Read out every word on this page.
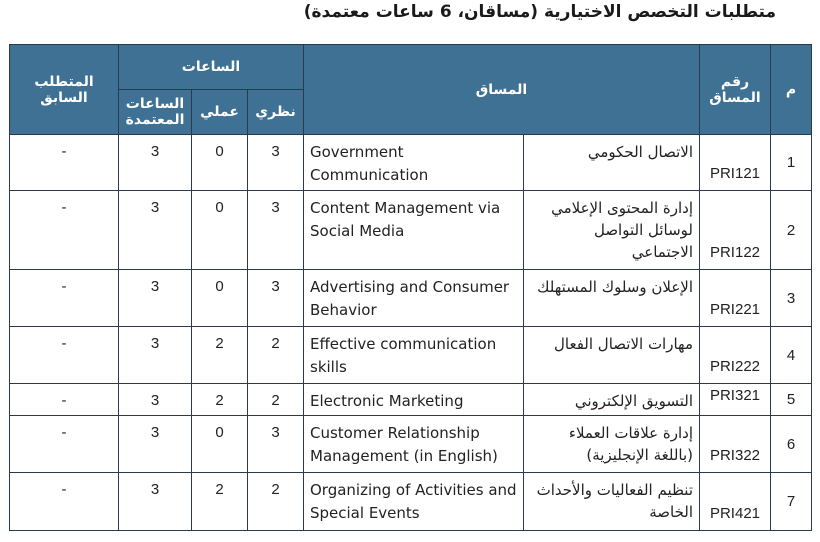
متطلبات التخصص الاختيارية (مساقان، 6 ساعات معتمدة)
م	رقم المساق	المساق		الساعات			المتطلب السابق
				نظري	عملي	الساعات المعتمدة	
1	PRI121	الاتصال الحكومي	Government Communication	3	0	3	-
2	PRI122	إدارة المحتوى الإعلامي لوسائل التواصل الاجتماعي	Content Management via Social Media	3	0	3	-
3	PRI221	الإعلان وسلوك المستهلك	Advertising and Consumer Behavior	3	0	3	-
4	PRI222	مهارات الاتصال الفعال	Effective communication skills	2	2	3	-
5	PRI321	التسويق الإلكتروني	Electronic Marketing	2	2	3	-
6	PRI322	إدارة علاقات العملاء (باللغة الإنجليزية)	Customer Relationship Management (in English)	3	0	3	-
7	PRI421	تنظيم الفعاليات والأحداث الخاصة	Organizing of Activities and Special Events	2	2	3	-
